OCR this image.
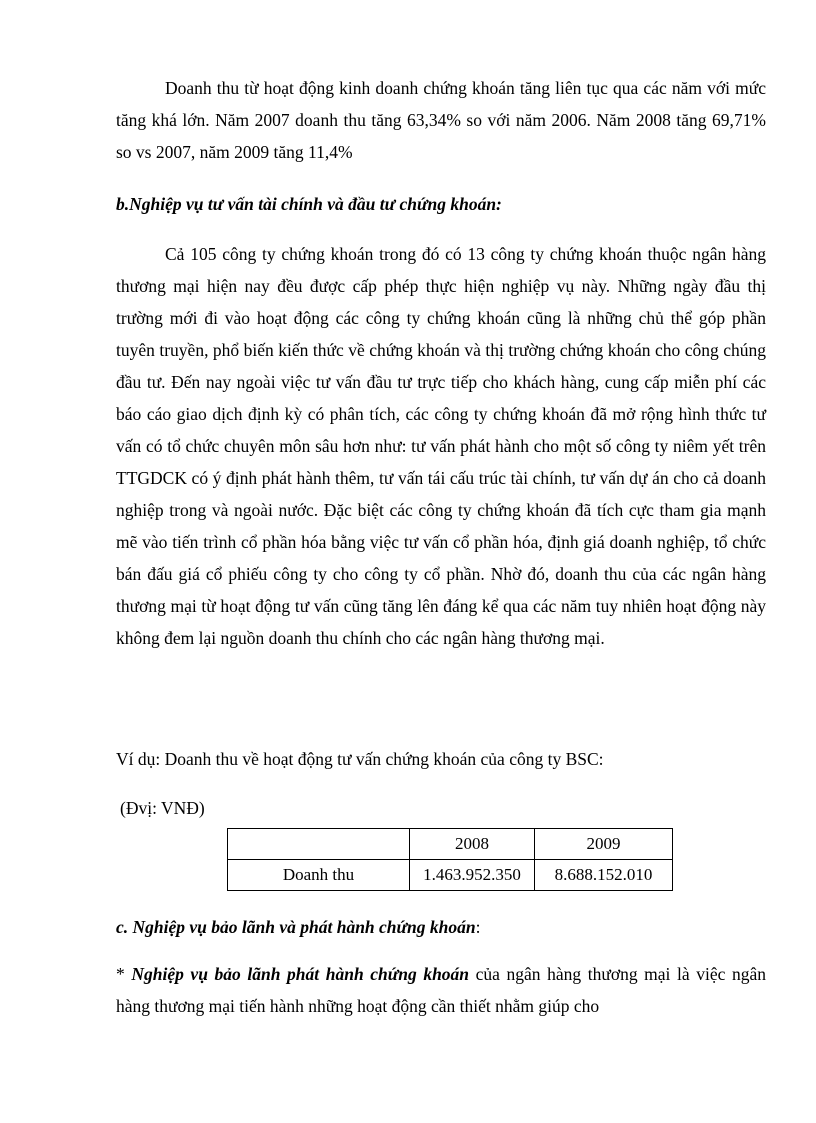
Doanh thu từ hoạt động kinh doanh chứng khoán tăng liên tục qua các năm với mức tăng khá lớn. Năm 2007 doanh thu tăng 63,34% so với năm 2006. Năm 2008 tăng 69,71% so vs 2007, năm 2009 tăng 11,4%

b.Nghiệp vụ tư vấn tài chính và đầu tư chứng khoán:

Cả 105 công ty chứng khoán trong đó có 13 công ty chứng khoán thuộc ngân hàng thương mại hiện nay đều được cấp phép thực hiện nghiệp vụ này. Những ngày đầu thị trường mới đi vào hoạt động các công ty chứng khoán cũng là những chủ thể góp phần tuyên truyền, phổ biến kiến thức về chứng khoán và thị trường chứng khoán cho công chúng đầu tư. Đến nay ngoài việc tư vấn đầu tư trực tiếp cho khách hàng, cung cấp miễn phí các báo cáo giao dịch định kỳ có phân tích, các công ty chứng khoán đã mở rộng hình thức tư vấn có tổ chức chuyên môn sâu hơn như: tư vấn phát hành cho một số công ty niêm yết trên TTGDCK có ý định phát hành thêm, tư vấn tái cấu trúc tài chính, tư vấn dự án cho cả doanh nghiệp trong và ngoài nước. Đặc biệt các công ty chứng khoán đã tích cực tham gia mạnh mẽ vào tiến trình cổ phần hóa bằng việc tư vấn cổ phần hóa, định giá doanh nghiệp, tổ chức bán đấu giá cổ phiếu công ty cho công ty cổ phần. Nhờ đó, doanh thu của các ngân hàng thương mại từ hoạt động tư vấn cũng tăng lên đáng kể qua các năm tuy nhiên hoạt động này không đem lại nguồn doanh thu chính cho các ngân hàng thương mại.

Ví dụ: Doanh thu về hoạt động tư vấn chứng khoán của công ty BSC:

(Đvị: VNĐ)

	2008	2009
Doanh thu	1.463.952.350	8.688.152.010

c. Nghiệp vụ bảo lãnh và phát hành chứng khoán:

* Nghiệp vụ bảo lãnh phát hành chứng khoán của ngân hàng thương mại là việc ngân hàng thương mại tiến hành những hoạt động cần thiết nhằm giúp cho
